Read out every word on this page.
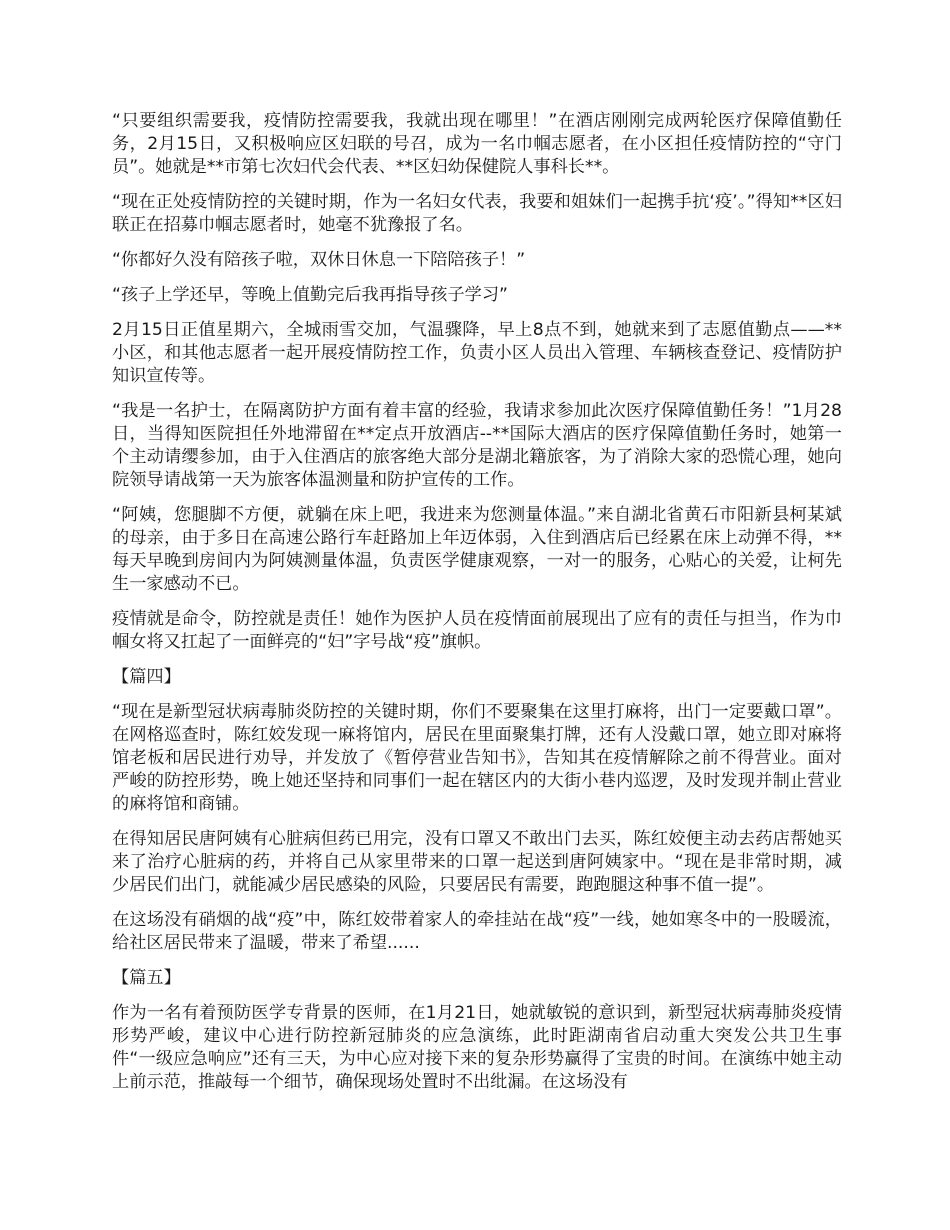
“只要组织需要我，疫情防控需要我，我就出现在哪里！”在酒店刚刚完成两轮医疗保障值勤任务，2月15日，又积极响应区妇联的号召，成为一名巾帼志愿者，在小区担任疫情防控的“守门员”。她就是**市第七次妇代会代表、**区妇幼保健院人事科长**。

“现在正处疫情防控的关键时期，作为一名妇女代表，我要和姐妹们一起携手抗‘疫’。”得知**区妇联正在招募巾帼志愿者时，她毫不犹豫报了名。

“你都好久没有陪孩子啦，双休日休息一下陪陪孩子！”

“孩子上学还早，等晚上值勤完后我再指导孩子学习”

2月15日正值星期六，全城雨雪交加，气温骤降，早上8点不到，她就来到了志愿值勤点——**小区，和其他志愿者一起开展疫情防控工作，负责小区人员出入管理、车辆核查登记、疫情防护知识宣传等。

“我是一名护士，在隔离防护方面有着丰富的经验，我请求参加此次医疗保障值勤任务！”1月28日，当得知医院担任外地滞留在**定点开放酒店--**国际大酒店的医疗保障值勤任务时，她第一个主动请缨参加，由于入住酒店的旅客绝大部分是湖北籍旅客，为了消除大家的恐慌心理，她向院领导请战第一天为旅客体温测量和防护宣传的工作。

“阿姨，您腿脚不方便，就躺在床上吧，我进来为您测量体温。”来自湖北省黄石市阳新县柯某斌的母亲，由于多日在高速公路行车赶路加上年迈体弱，入住到酒店后已经累在床上动弹不得，**每天早晚到房间内为阿姨测量体温，负责医学健康观察，一对一的服务，心贴心的关爱，让柯先生一家感动不已。

疫情就是命令，防控就是责任！她作为医护人员在疫情面前展现出了应有的责任与担当，作为巾帼女将又扛起了一面鲜亮的“妇”字号战“疫”旗帜。

【篇四】

“现在是新型冠状病毒肺炎防控的关键时期，你们不要聚集在这里打麻将，出门一定要戴口罩”。在网格巡查时，陈红姣发现一麻将馆内，居民在里面聚集打牌，还有人没戴口罩，她立即对麻将馆老板和居民进行劝导，并发放了《暂停营业告知书》，告知其在疫情解除之前不得营业。面对严峻的防控形势，晚上她还坚持和同事们一起在辖区内的大街小巷内巡逻，及时发现并制止营业的麻将馆和商铺。

在得知居民唐阿姨有心脏病但药已用完，没有口罩又不敢出门去买，陈红姣便主动去药店帮她买来了治疗心脏病的药，并将自己从家里带来的口罩一起送到唐阿姨家中。“现在是非常时期，减少居民们出门，就能减少居民感染的风险，只要居民有需要，跑跑腿这种事不值一提”。

在这场没有硝烟的战“疫”中，陈红姣带着家人的牵挂站在战“疫”一线，她如寒冬中的一股暖流，给社区居民带来了温暖，带来了希望......

【篇五】

作为一名有着预防医学专背景的医师，在1月21日，她就敏锐的意识到，新型冠状病毒肺炎疫情形势严峻，建议中心进行防控新冠肺炎的应急演练，此时距湖南省启动重大突发公共卫生事件“一级应急响应”还有三天，为中心应对接下来的复杂形势赢得了宝贵的时间。在演练中她主动上前示范，推敲每一个细节，确保现场处置时不出纰漏。在这场没有
